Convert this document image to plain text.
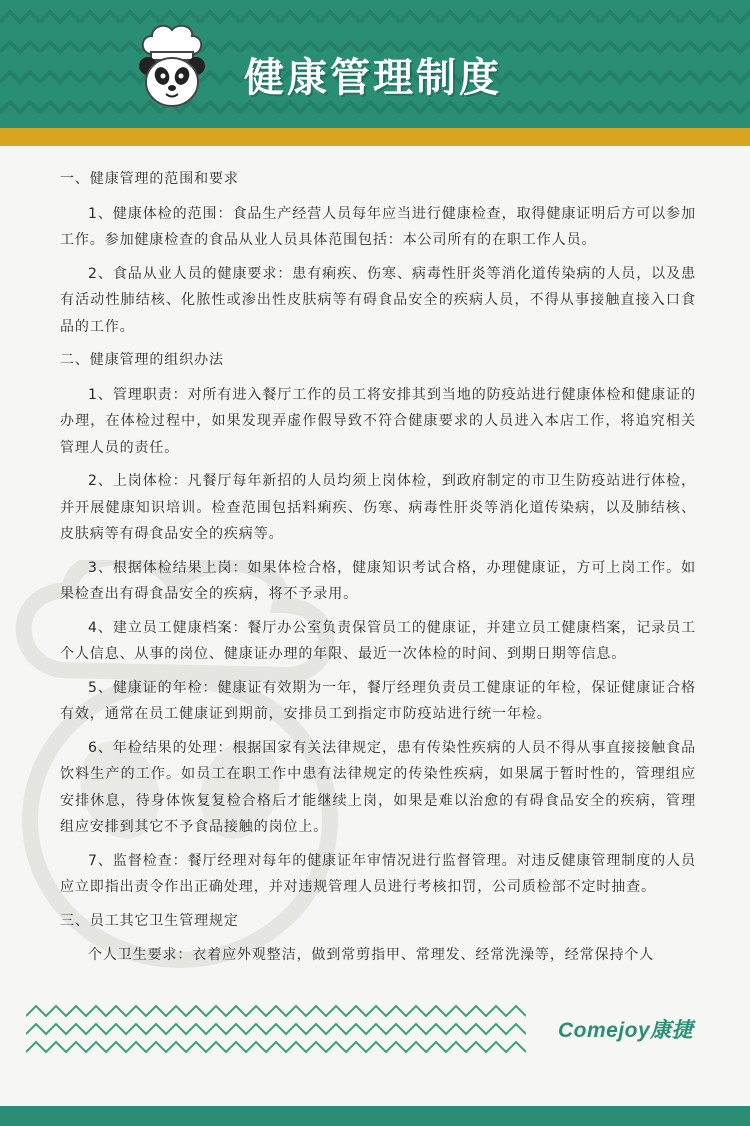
健康管理制度

一、健康管理的范围和要求

1、健康体检的范围：食品生产经营人员每年应当进行健康检查，取得健康证明后方可以参加工作。参加健康检查的食品从业人员具体范围包括：本公司所有的在职工作人员。

2、食品从业人员的健康要求：患有痢疾、伤寒、病毒性肝炎等消化道传染病的人员，以及患有活动性肺结核、化脓性或渗出性皮肤病等有碍食品安全的疾病人员，不得从事接触直接入口食品的工作。

二、健康管理的组织办法

1、管理职责：对所有进入餐厅工作的员工将安排其到当地的防疫站进行健康体检和健康证的办理，在体检过程中，如果发现弄虚作假导致不符合健康要求的人员进入本店工作，将追究相关管理人员的责任。

2、上岗体检：凡餐厅每年新招的人员均须上岗体检，到政府制定的市卫生防疫站进行体检，并开展健康知识培训。检查范围包括料痢疾、伤寒、病毒性肝炎等消化道传染病，以及肺结核、皮肤病等有碍食品安全的疾病等。

3、根据体检结果上岗：如果体检合格，健康知识考试合格，办理健康证，方可上岗工作。如果检查出有碍食品安全的疾病，将不予录用。

4、建立员工健康档案：餐厅办公室负责保管员工的健康证，并建立员工健康档案，记录员工个人信息、从事的岗位、健康证办理的年限、最近一次体检的时间、到期日期等信息。

5、健康证的年检：健康证有效期为一年，餐厅经理负责员工健康证的年检，保证健康证合格有效，通常在员工健康证到期前，安排员工到指定市防疫站进行统一年检。

6、年检结果的处理：根据国家有关法律规定，患有传染性疾病的人员不得从事直接接触食品饮料生产的工作。如员工在职工作中患有法律规定的传染性疾病，如果属于暂时性的，管理组应安排休息，待身体恢复复检合格后才能继续上岗，如果是难以治愈的有碍食品安全的疾病，管理组应安排到其它不予食品接触的岗位上。

7、监督检查：餐厅经理对每年的健康证年审情况进行监督管理。对违反健康管理制度的人员应立即指出责令作出正确处理，并对违规管理人员进行考核扣罚，公司质检部不定时抽查。

三、员工其它卫生管理规定

个人卫生要求：衣着应外观整洁，做到常剪指甲、常理发、经常洗澡等，经常保持个人

Comejoy康捷
